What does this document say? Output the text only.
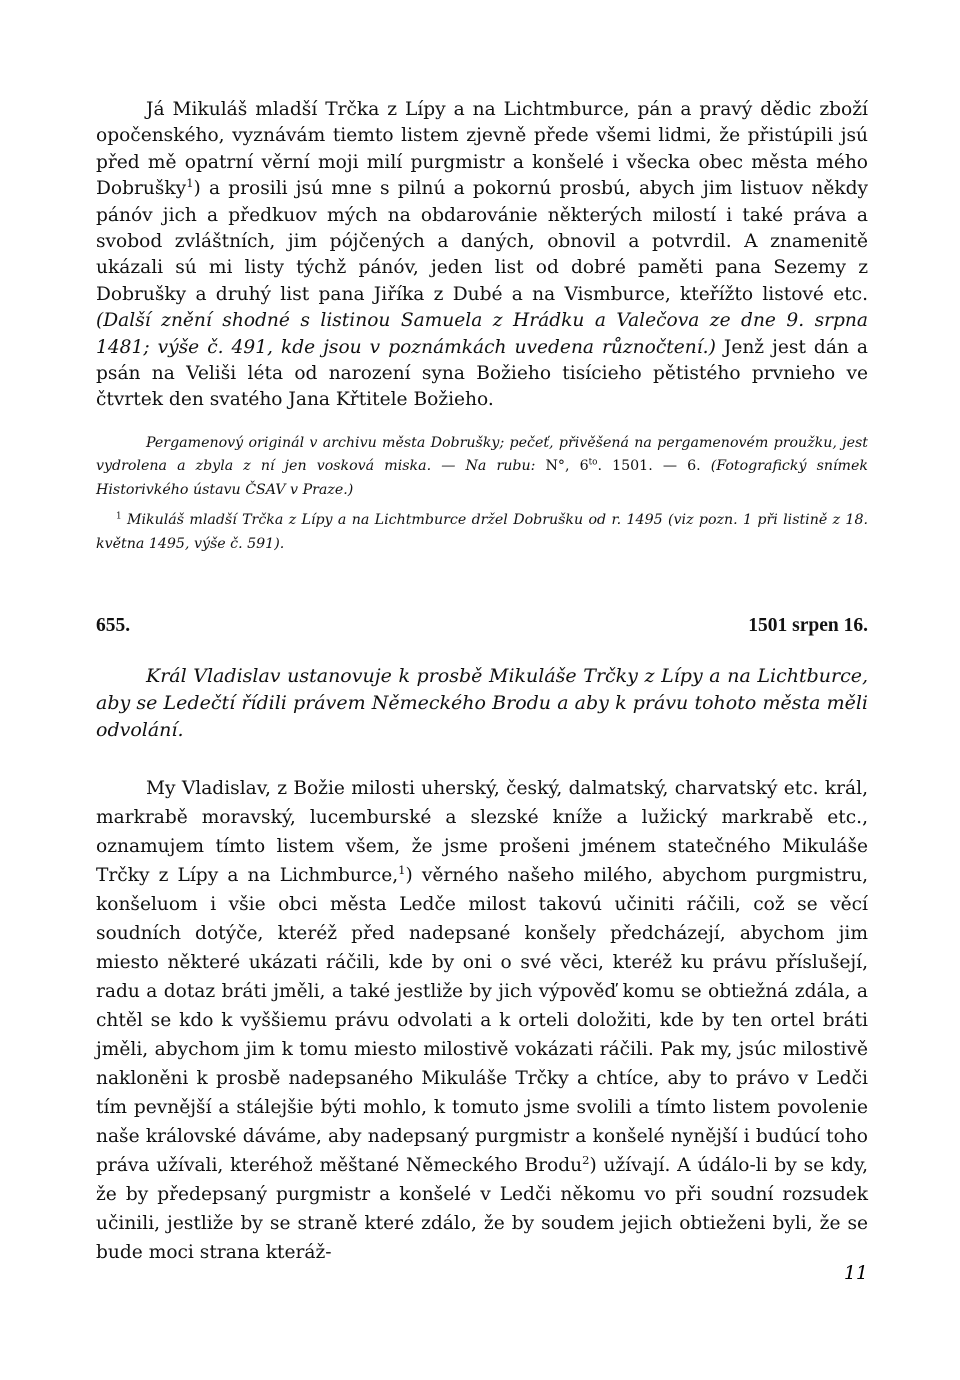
Já Mikuláš mladší Trčka z Lípy a na Lichtmburce, pán a pravý dědic zboží opočenského, vyznávám tiemto listem zjevně přede všemi lidmi, že přistúpili jsú před mě opatrní věrní moji milí purgmistr a konšelé i všecka obec města mého Dobrušky$^1$) a prosili jsú mne s pilnú a pokornú prosbú, abych jim listuov někdy pánóv jich a předkuov mých na obdarovánie některých milostí i také práva a svobod zvláštních, jim pójčených a daných, obnovil a potvrdil. A znamenitě ukázali sú mi listy týchž pánóv, jeden list od dobré paměti pana Sezemy z Dobrušky a druhý list pana Jiříka z Dubé a na Vismburce, kteřížto listové etc. (Další znění shodné s listinou Samuela z Hrádku a Valečova ze dne 9. srpna 1481; výše č. 491, kde jsou v poznámkách uvedena různočtení.) Jenž jest dán a psán na Veliši léta od narození syna Božieho tisícieho pětistého prvnieho ve čtvrtek den svatého Jana Křtitele Božieho.

Pergamenový originál v archivu města Dobrušky; pečeť, přivěšená na pergamenovém proužku, jest vydrolena a zbyla z ní jen vosková miska. — Na rubu: N°, $6^{to}$. 1501. — 6. (Fotografický snímek Historivkého ústavu ČSAV v Praze.)

$^1$ Mikuláš mladší Trčka z Lípy a na Lichtmburce držel Dobrušku od r. 1495 (viz pozn. 1 při listině z 18. května 1495, výše č. 591).

655.	1501 srpen 16.

Král Vladislav ustanovuje k prosbě Mikuláše Trčky z Lípy a na Lichtburce, aby se Ledečtí řídili právem Německého Brodu a aby k právu tohoto města měli odvolání.

My Vladislav, z Božie milosti uherský, český, dalmatský, charvatský etc. král, markrabě moravský, lucemburské a slezské kníže a lužický markrabě etc., oznamujem tímto listem všem, že jsme prošeni jménem statečného Mikuláše Trčky z Lípy a na Lichmburce,$^1$) věrného našeho milého, abychom purgmistru, konšeluom i všie obci města Ledče milost takovú učiniti ráčili, což se věcí soudních dotýče, kteréž před nadepsané konšely předcházejí, abychom jim miesto některé ukázati ráčili, kde by oni o své věci, kteréž ku právu příslušejí, radu a dotaz bráti jměli, a také jestliže by jich výpověď komu se obtiežná zdála, a chtěl se kdo k vyššiemu právu odvolati a k orteli doložiti, kde by ten ortel bráti jměli, abychom jim k tomu miesto milostivě vokázati ráčili. Pak my, jsúc milostivě nakloněni k prosbě nadepsaného Mikuláše Trčky a chtíce, aby to právo v Ledči tím pevnější a stálejšie býti mohlo, k tomuto jsme svolili a tímto listem povolenie naše královské dáváme, aby nadepsaný purgmistr a konšelé nynější i budúcí toho práva užívali, kteréhož měštané Německého Brodu$^2$) užívají. A údálo-li by se kdy, že by předepsaný purgmistr a konšelé v Ledči někomu vo při soudní rozsudek učinili, jestliže by se straně které zdálo, že by soudem jejich obtieženi byli, že se bude moci strana kteráž-

11
